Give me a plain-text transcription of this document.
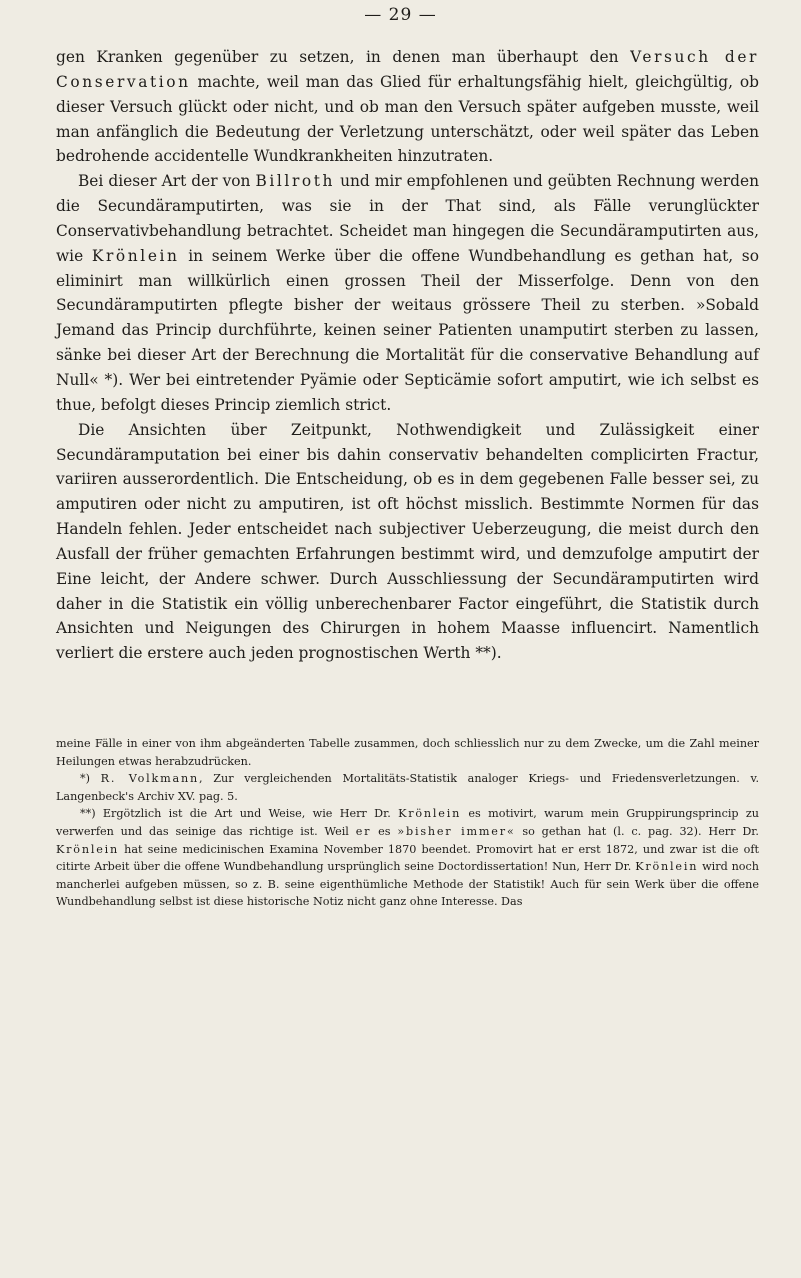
— 29 —

gen Kranken gegenüber zu setzen, in denen man überhaupt den Versuch der Conservation machte, weil man das Glied für erhaltungsfähig hielt, gleichgültig, ob dieser Versuch glückt oder nicht, und ob man den Versuch später aufgeben musste, weil man anfänglich die Bedeutung der Verletzung unterschätzt, oder weil später das Leben bedrohende accidentelle Wundkrankheiten hinzutraten.

Bei dieser Art der von Billroth und mir empfohlenen und geübten Rechnung werden die Secundäramputirten, was sie in der That sind, als Fälle verunglückter Conservativbehandlung betrachtet. Scheidet man hingegen die Secundäramputirten aus, wie Krönlein in seinem Werke über die offene Wundbehandlung es gethan hat, so eliminirt man willkürlich einen grossen Theil der Misserfolge. Denn von den Secundäramputirten pflegte bisher der weitaus grössere Theil zu sterben. »Sobald Jemand das Princip durchführte, keinen seiner Patienten unamputirt sterben zu lassen, sänke bei dieser Art der Berechnung die Mortalität für die conservative Behandlung auf Null« *). Wer bei eintretender Pyämie oder Septicämie sofort amputirt, wie ich selbst es thue, befolgt dieses Princip ziemlich strict.

Die Ansichten über Zeitpunkt, Nothwendigkeit und Zulässigkeit einer Secundäramputation bei einer bis dahin conservativ behandelten complicirten Fractur, variiren ausserordentlich. Die Entscheidung, ob es in dem gegebenen Falle besser sei, zu amputiren oder nicht zu amputiren, ist oft höchst misslich. Bestimmte Normen für das Handeln fehlen. Jeder entscheidet nach subjectiver Ueberzeugung, die meist durch den Ausfall der früher gemachten Erfahrungen bestimmt wird, und demzufolge amputirt der Eine leicht, der Andere schwer. Durch Ausschliessung der Secundäramputirten wird daher in die Statistik ein völlig unberechenbarer Factor eingeführt, die Statistik durch Ansichten und Neigungen des Chirurgen in hohem Maasse influencirt. Namentlich verliert die erstere auch jeden prognostischen Werth **).

meine Fälle in einer von ihm abgeänderten Tabelle zusammen, doch schliesslich nur zu dem Zwecke, um die Zahl meiner Heilungen etwas herabzudrücken.

*) R. Volkmann, Zur vergleichenden Mortalitäts-Statistik analoger Kriegs- und Friedensverletzungen. v. Langenbeck's Archiv XV. pag. 5.

**) Ergötzlich ist die Art und Weise, wie Herr Dr. Krönlein es motivirt, warum mein Gruppirungsprincip zu verwerfen und das seinige das richtige ist. Weil er es »bisher immer« so gethan hat (l. c. pag. 32). Herr Dr. Krönlein hat seine medicinischen Examina November 1870 beendet. Promovirt hat er erst 1872, und zwar ist die oft citirte Arbeit über die offene Wundbehandlung ursprünglich seine Doctordissertation! Nun, Herr Dr. Krönlein wird noch mancherlei aufgeben müssen, so z. B. seine eigenthümliche Methode der Statistik! Auch für sein Werk über die offene Wundbehandlung selbst ist diese historische Notiz nicht ganz ohne Interesse. Das
